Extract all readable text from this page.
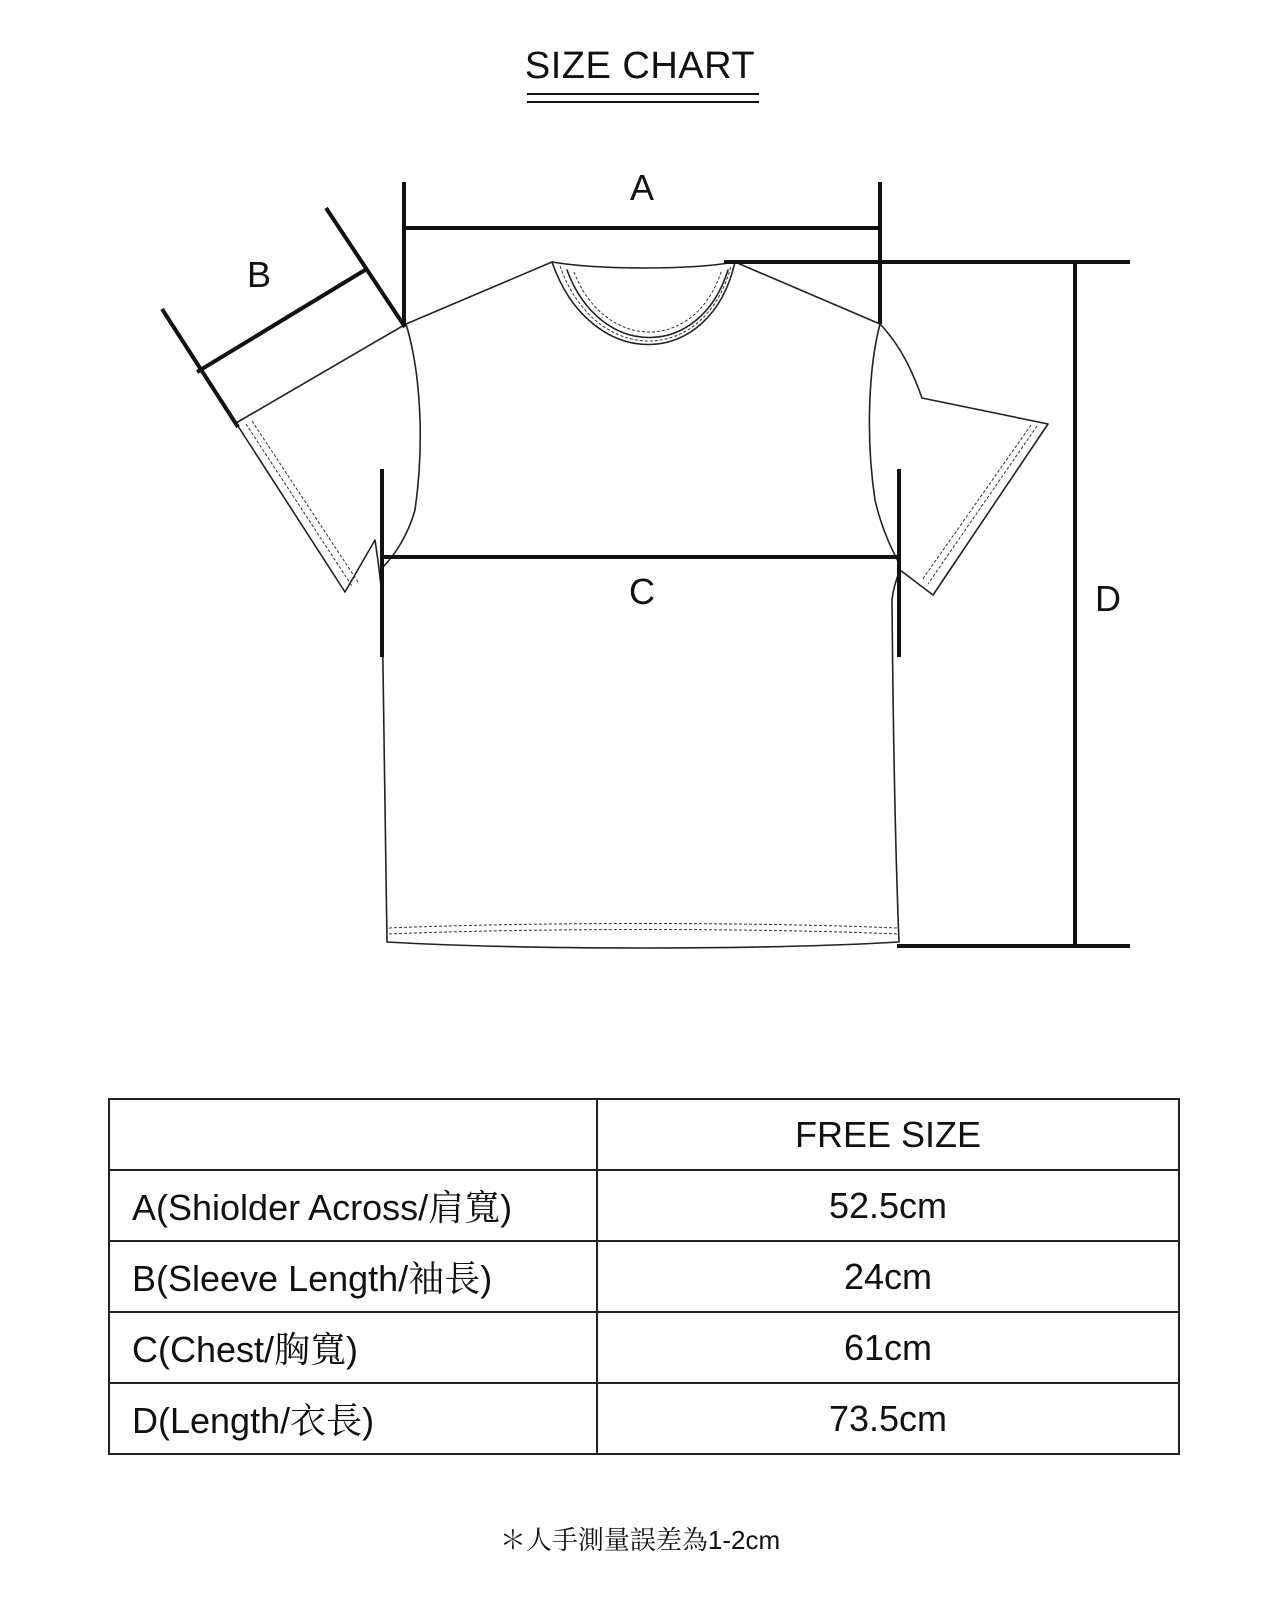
SIZE CHART
A
B
C	D
	FREE SIZE
A(Shiolder Across/肩寬)	52.5cm
B(Sleeve Length/袖長)	24cm
C(Chest/胸寬)	61cm
D(Length/衣長)	73.5cm
＊人手測量誤差為1-2cm
